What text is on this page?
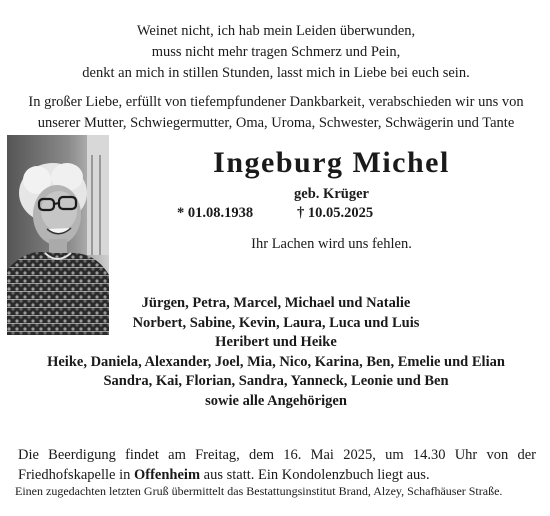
Weinet nicht, ich hab mein Leiden überwunden,
muss nicht mehr tragen Schmerz und Pein,
denkt an mich in stillen Stunden, lasst mich in Liebe bei euch sein.
In großer Liebe, erfüllt von tiefempfundener Dankbarkeit, verabschieden wir uns von
unserer Mutter, Schwiegermutter, Oma, Uroma, Schwester, Schwägerin und Tante
Ingeburg Michel
geb. Krüger
* 01.08.1938	† 10.05.2025
Ihr Lachen wird uns fehlen.
Jürgen, Petra, Marcel, Michael und Natalie
Norbert, Sabine, Kevin, Laura, Luca und Luis
Heribert und Heike
Heike, Daniela, Alexander, Joel, Mia, Nico, Karina, Ben, Emelie und Elian
Sandra, Kai, Florian, Sandra, Yanneck, Leonie und Ben
sowie alle Angehörigen
Die Beerdigung findet am Freitag, dem 16. Mai 2025, um 14.30 Uhr von der
Friedhofskapelle in Offenheim aus statt. Ein Kondolenzbuch liegt aus.
Einen zugedachten letzten Gruß übermittelt das Bestattungsinstitut Brand, Alzey, Schafhäuser Straße.
